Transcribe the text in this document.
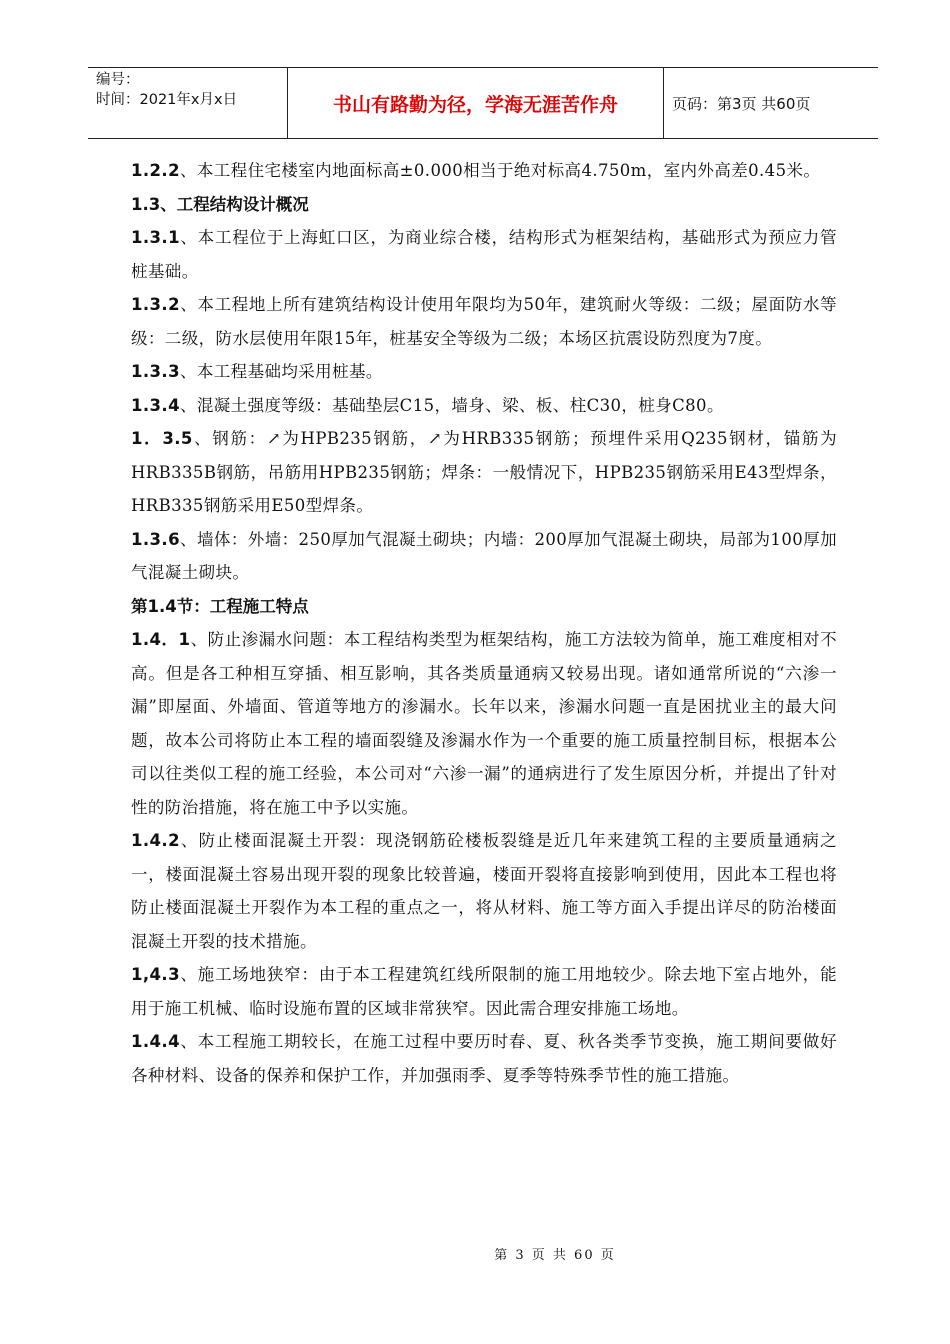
编号：
时间：2021年x月x日	书山有路勤为径，学海无涯苦作舟	页码：第3页 共60页

1.2.2、本工程住宅楼室内地面标高±0.000相当于绝对标高4.750m，室内外高差0.45米。

1.3、工程结构设计概况

1.3.1、本工程位于上海虹口区，为商业综合楼，结构形式为框架结构，基础形式为预应力管桩基础。

1.3.2、本工程地上所有建筑结构设计使用年限均为50年，建筑耐火等级：二级；屋面防水等级：二级，防水层使用年限15年，桩基安全等级为二级；本场区抗震设防烈度为7度。

1.3.3、本工程基础均采用桩基。

1.3.4、混凝土强度等级：基础垫层C15，墙身、梁、板、柱C30，桩身C80。

1．3.5、钢筋：↗为HPB235钢筋，↗为HRB335钢筋；预埋件采用Q235钢材，锚筋为HRB335B钢筋，吊筋用HPB235钢筋；焊条：一般情况下，HPB235钢筋采用E43型焊条，HRB335钢筋采用E50型焊条。

1.3.6、墙体：外墙：250厚加气混凝土砌块；内墙：200厚加气混凝土砌块，局部为100厚加气混凝土砌块。

第1.4节：工程施工特点

1.4．1、防止渗漏水问题：本工程结构类型为框架结构，施工方法较为简单，施工难度相对不高。但是各工种相互穿插、相互影响，其各类质量通病又较易出现。诸如通常所说的“六渗一漏”即屋面、外墙面、管道等地方的渗漏水。长年以来，渗漏水问题一直是困扰业主的最大问题，故本公司将防止本工程的墙面裂缝及渗漏水作为一个重要的施工质量控制目标，根据本公司以往类似工程的施工经验，本公司对“六渗一漏”的通病进行了发生原因分析，并提出了针对性的防治措施，将在施工中予以实施。

1.4.2、防止楼面混凝土开裂：现浇钢筋砼楼板裂缝是近几年来建筑工程的主要质量通病之一，楼面混凝土容易出现开裂的现象比较普遍，楼面开裂将直接影响到使用，因此本工程也将防止楼面混凝土开裂作为本工程的重点之一，将从材料、施工等方面入手提出详尽的防治楼面混凝土开裂的技术措施。

1,4.3、施工场地狭窄：由于本工程建筑红线所限制的施工用地较少。除去地下室占地外，能用于施工机械、临时设施布置的区域非常狭窄。因此需合理安排施工场地。

1.4.4、本工程施工期较长，在施工过程中要历时春、夏、秋各类季节变换，施工期间要做好各种材料、设备的保养和保护工作，并加强雨季、夏季等特殊季节性的施工措施。

第 3 页 共 60 页
